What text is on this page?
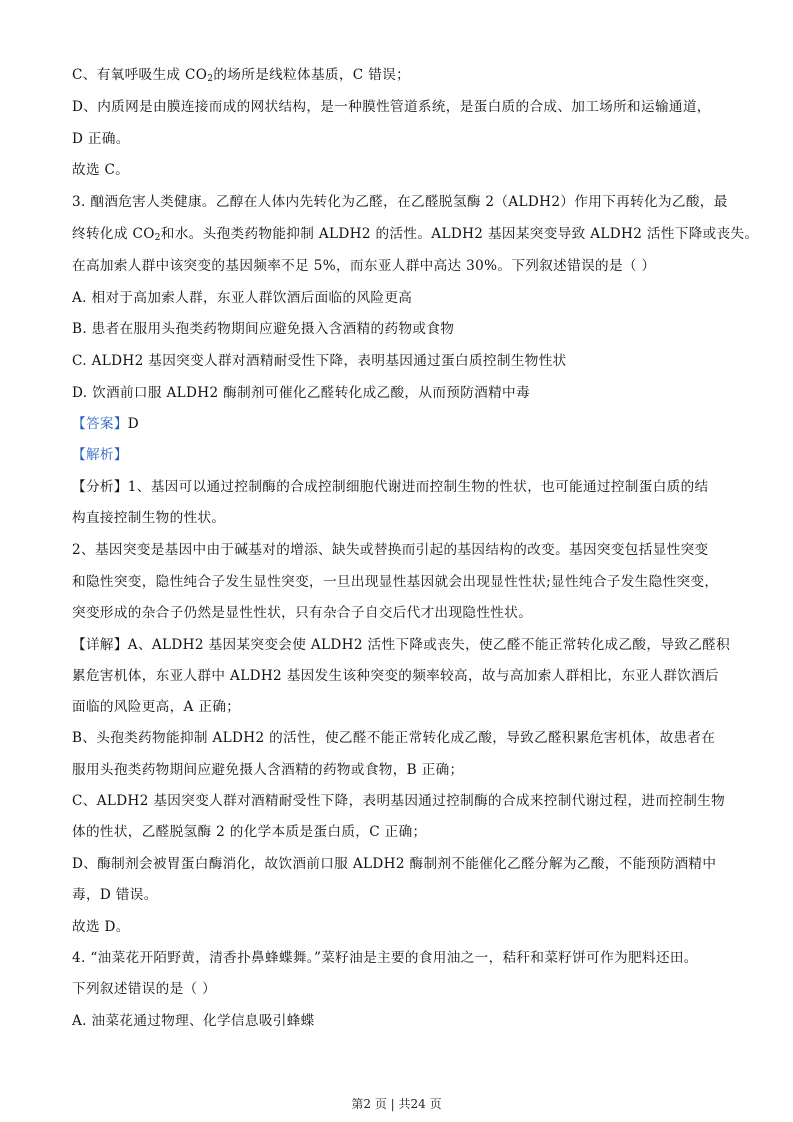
C、有氧呼吸生成 $CO_2$的场所是线粒体基质，C 错误；
D、内质网是由膜连接而成的网状结构，是一种膜性管道系统，是蛋白质的合成、加工场所和运输通道，
D 正确。
故选 C。
3. 酗酒危害人类健康。乙醇在人体内先转化为乙醛，在乙醛脱氢酶 2（ALDH2）作用下再转化为乙酸，最
终转化成 $CO_2$和水。头孢类药物能抑制 ALDH2 的活性。ALDH2 基因某突变导致 ALDH2 活性下降或丧失。
在高加索人群中该突变的基因频率不足 5%，而东亚人群中高达 30%。下列叙述错误的是（ ）
A. 相对于高加索人群，东亚人群饮酒后面临的风险更高
B. 患者在服用头孢类药物期间应避免摄入含酒精的药物或食物
C. ALDH2 基因突变人群对酒精耐受性下降，表明基因通过蛋白质控制生物性状
D. 饮酒前口服 ALDH2 酶制剂可催化乙醛转化成乙酸，从而预防酒精中毒
【答案】D
【解析】
【分析】1、基因可以通过控制酶的合成控制细胞代谢进而控制生物的性状，也可能通过控制蛋白质的结
构直接控制生物的性状。
2、基因突变是基因中由于碱基对的增添、缺失或替换而引起的基因结构的改变。基因突变包括显性突变
和隐性突变，隐性纯合子发生显性突变，一旦出现显性基因就会出现显性性状;显性纯合子发生隐性突变，
突变形成的杂合子仍然是显性性状，只有杂合子自交后代才出现隐性性状。
【详解】A、ALDH2 基因某突变会使 ALDH2 活性下降或丧失，使乙醛不能正常转化成乙酸，导致乙醛积
累危害机体，东亚人群中 ALDH2 基因发生该种突变的频率较高，故与高加索人群相比，东亚人群饮酒后
面临的风险更高，A 正确；
B、头孢类药物能抑制 ALDH2 的活性，使乙醛不能正常转化成乙酸，导致乙醛积累危害机体，故患者在
服用头孢类药物期间应避免摄人含酒精的药物或食物，B 正确；
C、ALDH2 基因突变人群对酒精耐受性下降，表明基因通过控制酶的合成来控制代谢过程，进而控制生物
体的性状，乙醛脱氢酶 2 的化学本质是蛋白质，C 正确；
D、酶制剂会被胃蛋白酶消化，故饮酒前口服 ALDH2 酶制剂不能催化乙醛分解为乙酸，不能预防酒精中
毒，D 错误。
故选 D。
4. “油菜花开陌野黄，清香扑鼻蜂蝶舞。”菜籽油是主要的食用油之一，秸秆和菜籽饼可作为肥料还田。
下列叙述错误的是（ ）
A. 油菜花通过物理、化学信息吸引蜂蝶
第2 页 | 共24 页
